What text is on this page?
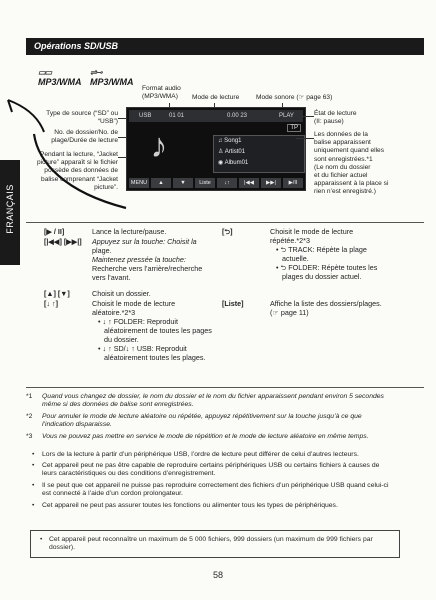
Opérations SD/USB
FRANÇAIS
▭▭
MP3/WMA
⇌⊸
MP3/WMA
Format audio
(MP3/WMA)	Mode de lecture	Mode sonore (☞ page 63)
Type de source (“SD” ou
“USB”)
No. de dossier/No. de
plage/Durée de lecture
Pendant la lecture, “Jacket
picture” apparaît si le fichier
possède des données de
balise comprenant “Jacket
picture”.
USB	01 01	0.00 23	PLAY
♪	TP
♫ Song1
♙ Artist01
◉ Album01
MENU	▲	▼	Liste	↓↑	|◀◀	▶▶|	▶/II
État de lecture
(II: pause)
Les données de la
balise apparaissent
uniquement quand elles
sont enregistrées.*1
(Le nom du dossier
et du fichier actuel
apparaissent à la place si
rien n’est enregistré.)
[▶ / II]	Lance la lecture/pause.
[|◀◀] [▶▶|] Appuyez sur la touche: Choisit la
plage.
Maintenez pressée la touche:
Recherche vers l’arrière/recherche
vers l’avant.
[▲] [▼]	Choisit un dossier.
[↓ ↑]	Choisit le mode de lecture
aléatoire.*2*3
• ↓ ↑ FOLDER: Reproduit
aléatoirement de toutes les pages
du dossier.
• ↓ ↑ SD/↓ ↑ USB: Reproduit
aléatoirement toutes les plages.
[⮌]	Choisit le mode de lecture
répétée.*2*3
• ⮌ TRACK: Répète la plage
actuelle.
• ⮌ FOLDER: Répète toutes les
plages du dossier actuel.
[Liste]	Affiche la liste des dossiers/plages.
(☞ page 11)
*1	Quand vous changez de dossier, le nom du dossier et le nom du fichier apparaissent pendant environ 5 secondes
même si des données de balise sont enregistrées.
*2	Pour annuler le mode de lecture aléatoire ou répétée, appuyez répétitivement sur la touche jusqu’à ce que
l’indication disparaisse.
*3	Vous ne pouvez pas mettre en service le mode de répétition et le mode de lecture aléatoire en même temps.
•	Lors de la lecture à partir d’un périphérique USB, l’ordre de lecture peut différer de celui d’autres lecteurs.
•	Cet appareil peut ne pas être capable de reproduire certains périphériques USB ou certains fichiers à causes de
leurs caractéristiques ou des conditions d’enregistrement.
•	Il se peut que cet appareil ne puisse pas reproduire correctement des fichiers d’un périphérique USB quand celui-ci
est connecté à l’aide d’un cordon prolongateur.
•	Cet appareil ne peut pas assurer toutes les fonctions ou alimenter tous les types de périphériques.
• Cet appareil peut reconnaître un maximum de 5 000 fichiers, 999 dossiers (un maximum de 999 fichiers par
dossier).
58
